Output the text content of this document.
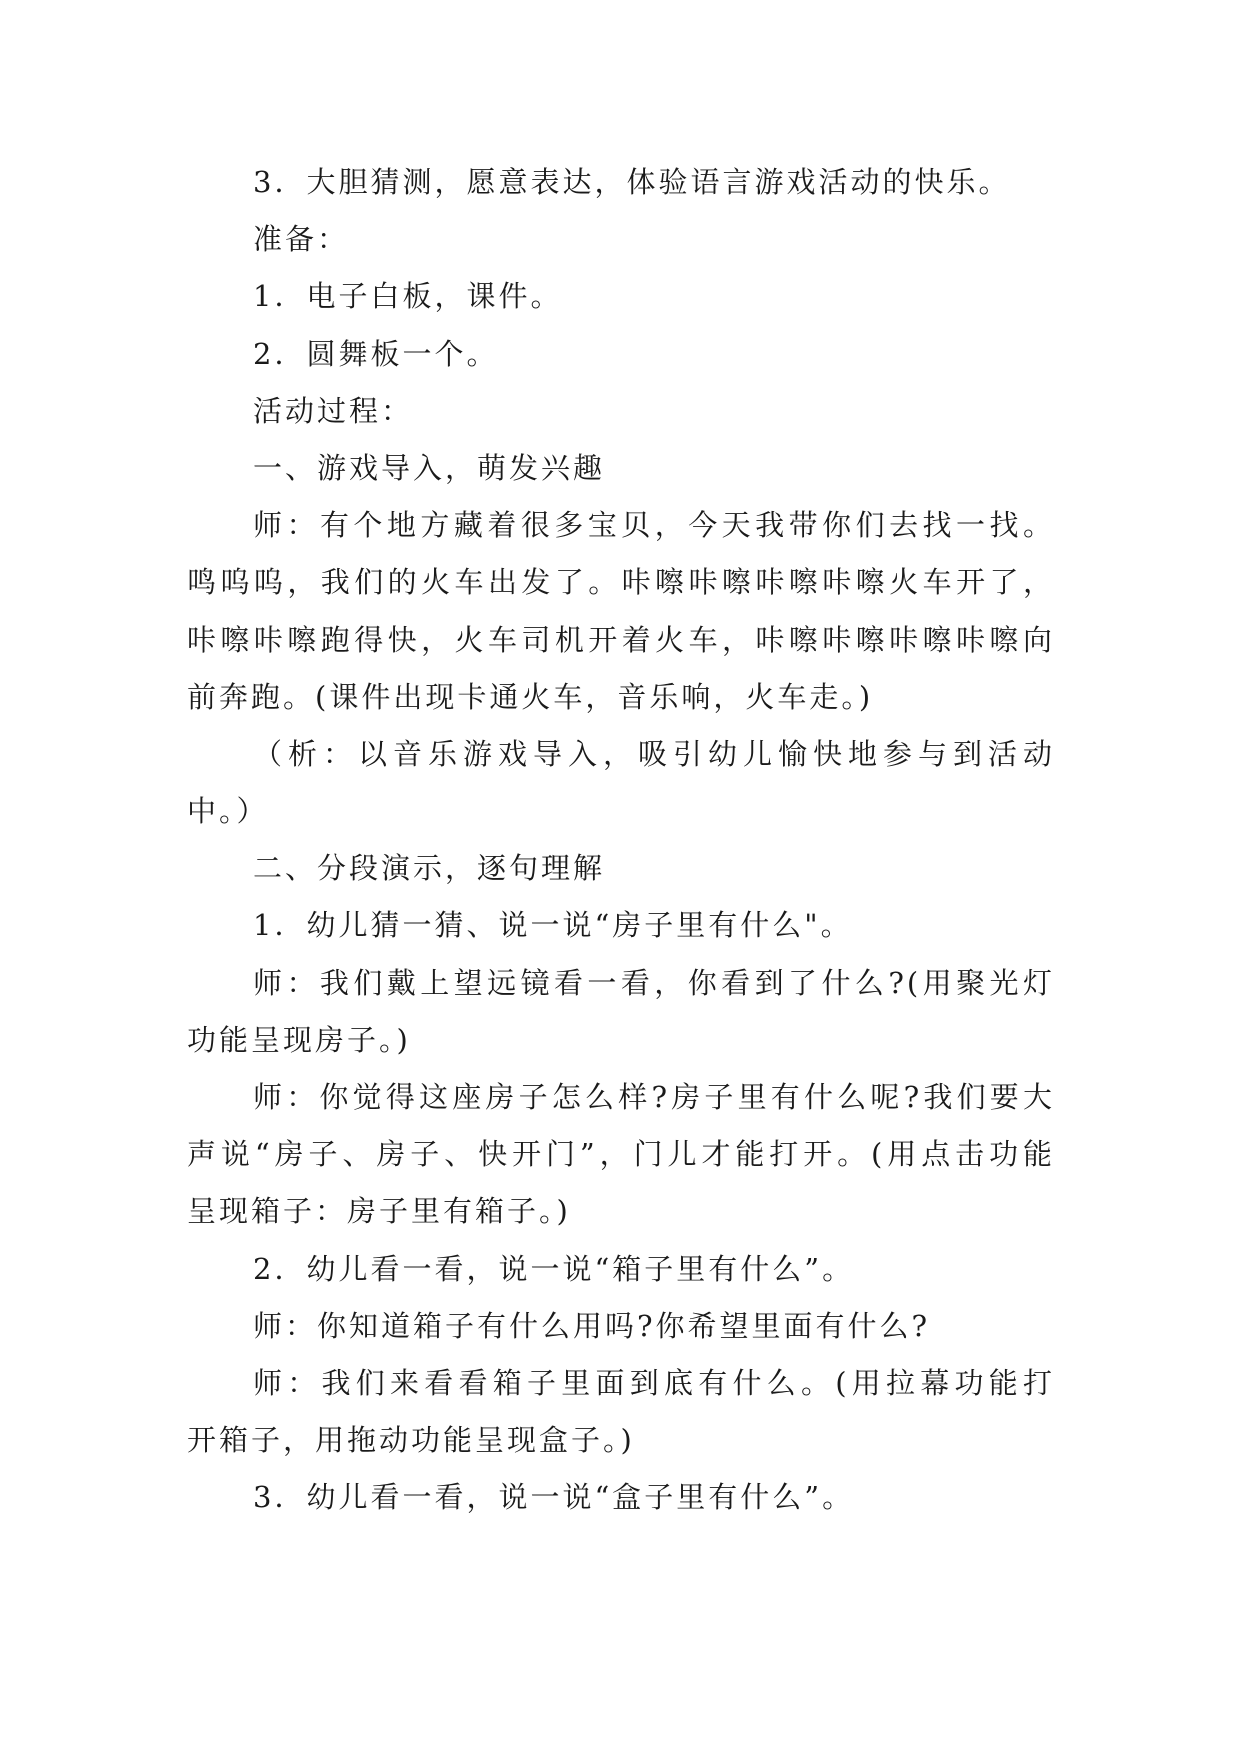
3．大胆猜测，愿意表达，体验语言游戏活动的快乐。
准备：
1．电子白板，课件。
2．圆舞板一个。
活动过程：
一、游戏导入，萌发兴趣
师：有个地方藏着很多宝贝，今天我带你们去找一找。
鸣呜呜，我们的火车出发了。咔嚓咔嚓咔嚓咔嚓火车开了，
咔嚓咔嚓跑得快，火车司机开着火车，咔嚓咔嚓咔嚓咔嚓向
前奔跑。(课件出现卡通火车，音乐响，火车走。)
（析：以音乐游戏导入，吸引幼儿愉快地参与到活动
中。）
二、分段演示，逐句理解
1．幼儿猜一猜、说一说“房子里有什么"。
师：我们戴上望远镜看一看，你看到了什么?(用聚光灯
功能呈现房子。)
师：你觉得这座房子怎么样?房子里有什么呢?我们要大
声说“房子、房子、快开门”，门儿才能打开。(用点击功能
呈现箱子：房子里有箱子。)
2．幼儿看一看，说一说“箱子里有什么”。
师：你知道箱子有什么用吗?你希望里面有什么?
师：我们来看看箱子里面到底有什么。(用拉幕功能打
开箱子，用拖动功能呈现盒子。)
3．幼儿看一看，说一说“盒子里有什么”。
